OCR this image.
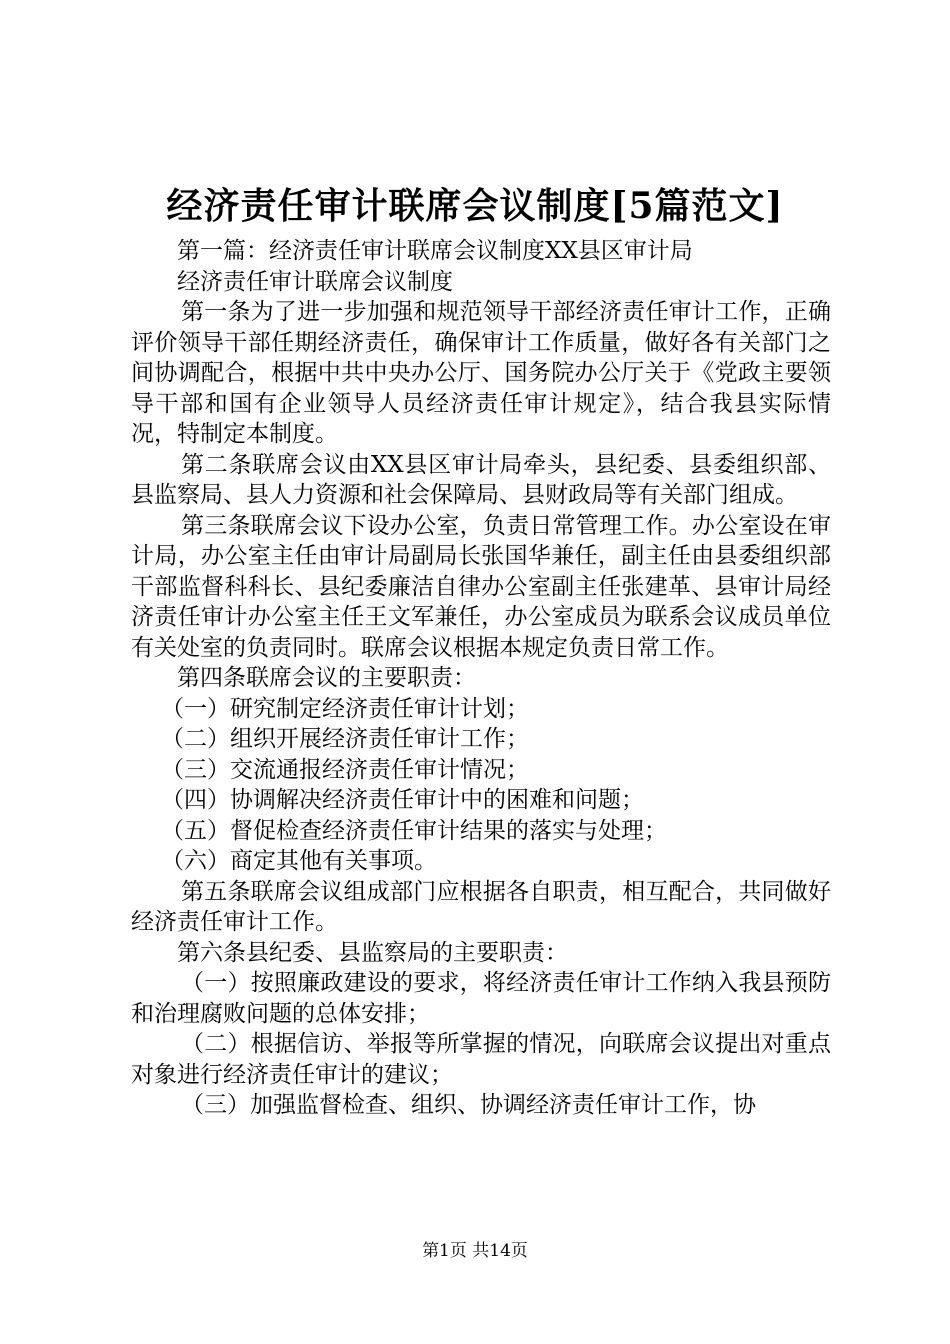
经济责任审计联席会议制度[5篇范文]

第一篇：经济责任审计联席会议制度XX县区审计局

经济责任审计联席会议制度

第一条为了进一步加强和规范领导干部经济责任审计工作，正确评价领导干部任期经济责任，确保审计工作质量，做好各有关部门之间协调配合，根据中共中央办公厅、国务院办公厅关于《党政主要领导干部和国有企业领导人员经济责任审计规定》，结合我县实际情况，特制定本制度。

第二条联席会议由XX县区审计局牵头，县纪委、县委组织部、县监察局、县人力资源和社会保障局、县财政局等有关部门组成。

第三条联席会议下设办公室，负责日常管理工作。办公室设在审计局，办公室主任由审计局副局长张国华兼任，副主任由县委组织部干部监督科科长、县纪委廉洁自律办公室副主任张建革、县审计局经济责任审计办公室主任王文军兼任，办公室成员为联系会议成员单位有关处室的负责同时。联席会议根据本规定负责日常工作。

第四条联席会议的主要职责：

（一）研究制定经济责任审计计划；

（二）组织开展经济责任审计工作；

（三）交流通报经济责任审计情况；

（四）协调解决经济责任审计中的困难和问题；

（五）督促检查经济责任审计结果的落实与处理；

（六）商定其他有关事项。

第五条联席会议组成部门应根据各自职责，相互配合，共同做好经济责任审计工作。

第六条县纪委、县监察局的主要职责：

（一）按照廉政建设的要求，将经济责任审计工作纳入我县预防和治理腐败问题的总体安排；

（二）根据信访、举报等所掌握的情况，向联席会议提出对重点对象进行经济责任审计的建议；

（三）加强监督检查、组织、协调经济责任审计工作，协

第1页 共14页
